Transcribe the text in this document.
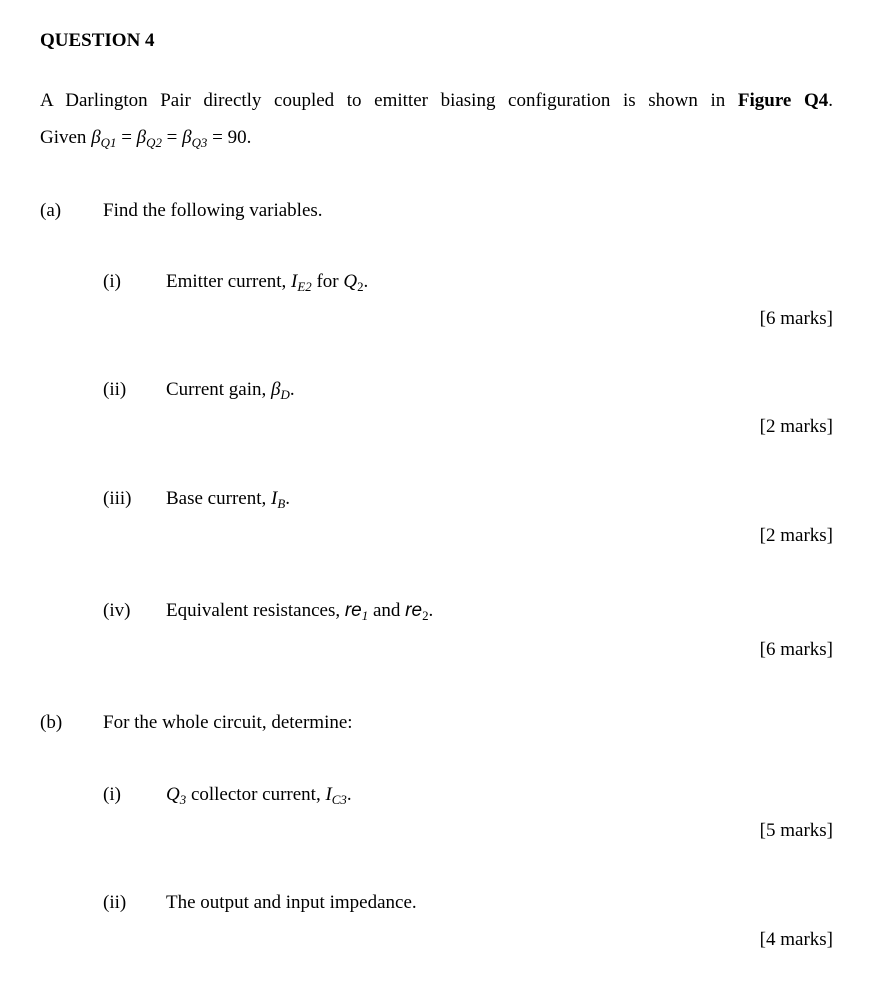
QUESTION 4
A Darlington Pair directly coupled to emitter biasing configuration is shown in Figure Q4.
Given $\beta_{Q1} = \beta_{Q2} = \beta_{Q3} = 90$.
(a) Find the following variables.
(i) Emitter current, $I_{E2}$ for $Q_2$.
[6 marks]
(ii) Current gain, $\beta_D$.
[2 marks]
(iii) Base current, $I_B$.
[2 marks]
(iv) Equivalent resistances, $re_1$ and $re_2$.
[6 marks]
(b) For the whole circuit, determine:
(i) $Q_3$ collector current, $I_{C3}$.
[5 marks]
(ii) The output and input impedance.
[4 marks]
